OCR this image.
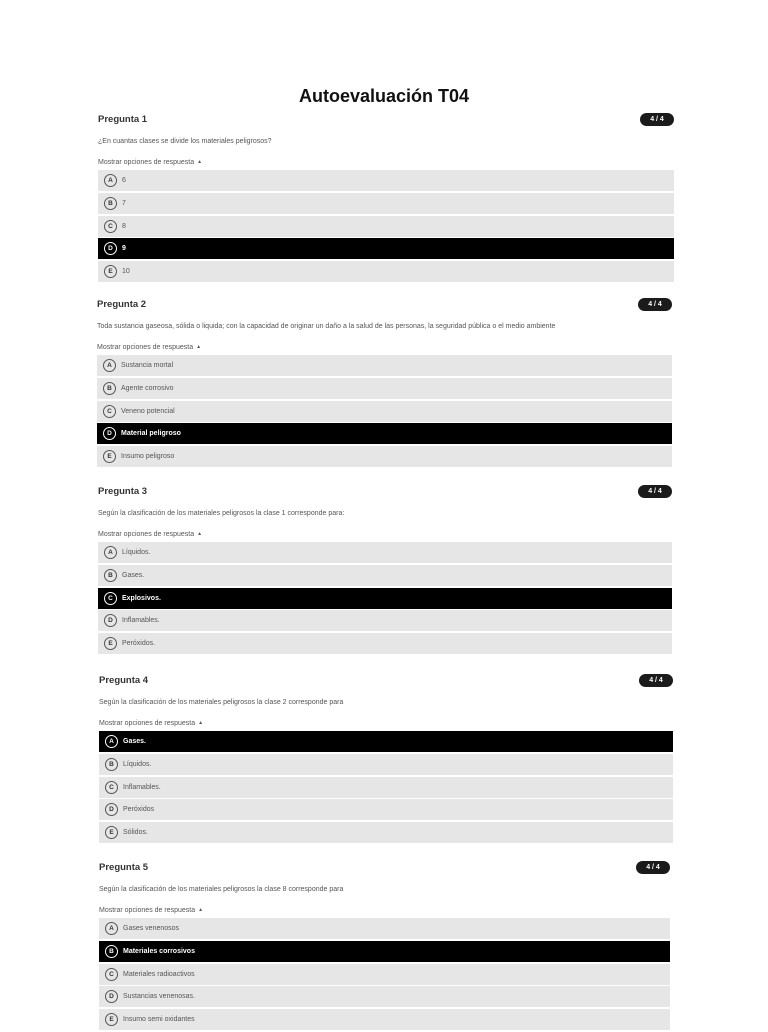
Autoevaluación T04
Pregunta 1	4 / 4
¿En cuantas clases se divide los materiales peligrosos?
Mostrar opciones de respuesta ▲
A	6
B	7
C	8
D	9
E	10
Pregunta 2	4 / 4
Toda sustancia gaseosa, sólida o liquida; con la capacidad de originar un daño a la salud de las personas, la seguridad pública o el medio ambiente
Mostrar opciones de respuesta ▲
A	Sustancia mortal
B	Agente corrosivo
C	Veneno potencial
D	Material peligroso
E	Insumo peligroso
Pregunta 3	4 / 4
Según la clasificación de los materiales peligrosos la clase 1 corresponde para:
Mostrar opciones de respuesta ▲
A	Líquidos.
B	Gases.
C	Explosivos.
D	Inflamables.
E	Peróxidos.
Pregunta 4	4 / 4
Según la clasificación de los materiales peligrosos la clase 2 corresponde para
Mostrar opciones de respuesta ▲
A	Gases.
B	Líquidos.
C	Inflamables.
D	Peróxidos
E	Sólidos.
Pregunta 5	4 / 4
Según la clasificación de los materiales peligrosos la clase 8 corresponde para
Mostrar opciones de respuesta ▲
A	Gases venenosos
B	Materiales corrosivos
C	Materiales radioactivos
D	Sustancias venenosas.
E	Insumo semi oxidantes
